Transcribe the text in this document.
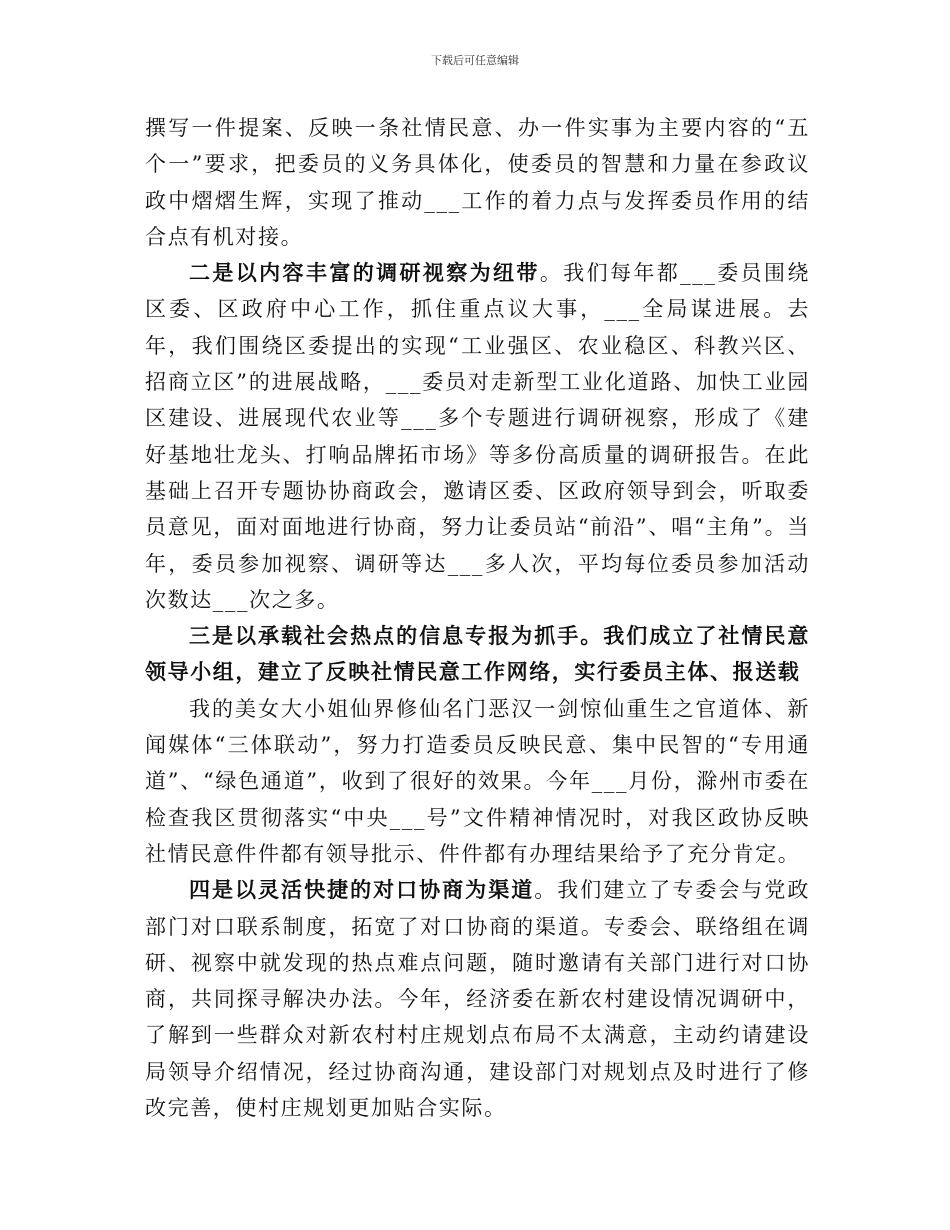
下载后可任意编辑

撰写一件提案、反映一条社情民意、办一件实事为主要内容的“五个一”要求，把委员的义务具体化，使委员的智慧和力量在参政议政中熠熠生辉，实现了推动___工作的着力点与发挥委员作用的结合点有机对接。

二是以内容丰富的调研视察为纽带。我们每年都___委员围绕区委、区政府中心工作，抓住重点议大事，___全局谋进展。去年，我们围绕区委提出的实现“工业强区、农业稳区、科教兴区、招商立区”的进展战略，___委员对走新型工业化道路、加快工业园区建设、进展现代农业等___多个专题进行调研视察，形成了《建好基地壮龙头、打响品牌拓市场》等多份高质量的调研报告。在此基础上召开专题协协商政会，邀请区委、区政府领导到会，听取委员意见，面对面地进行协商，努力让委员站“前沿”、唱“主角”。当年，委员参加视察、调研等达___多人次，平均每位委员参加活动次数达___次之多。

三是以承载社会热点的信息专报为抓手。我们成立了社情民意领导小组，建立了反映社情民意工作网络，实行委员主体、报送载

我的美女大小姐仙界修仙名门恶汉一剑惊仙重生之官道体、新闻媒体“三体联动”，努力打造委员反映民意、集中民智的“专用通道”、“绿色通道”，收到了很好的效果。今年___月份，滁州市委在检查我区贯彻落实“中央___号”文件精神情况时，对我区政协反映社情民意件件都有领导批示、件件都有办理结果给予了充分肯定。

四是以灵活快捷的对口协商为渠道。我们建立了专委会与党政部门对口联系制度，拓宽了对口协商的渠道。专委会、联络组在调研、视察中就发现的热点难点问题，随时邀请有关部门进行对口协商，共同探寻解决办法。今年，经济委在新农村建设情况调研中，了解到一些群众对新农村村庄规划点布局不太满意，主动约请建设局领导介绍情况，经过协商沟通，建设部门对规划点及时进行了修改完善，使村庄规划更加贴合实际。
